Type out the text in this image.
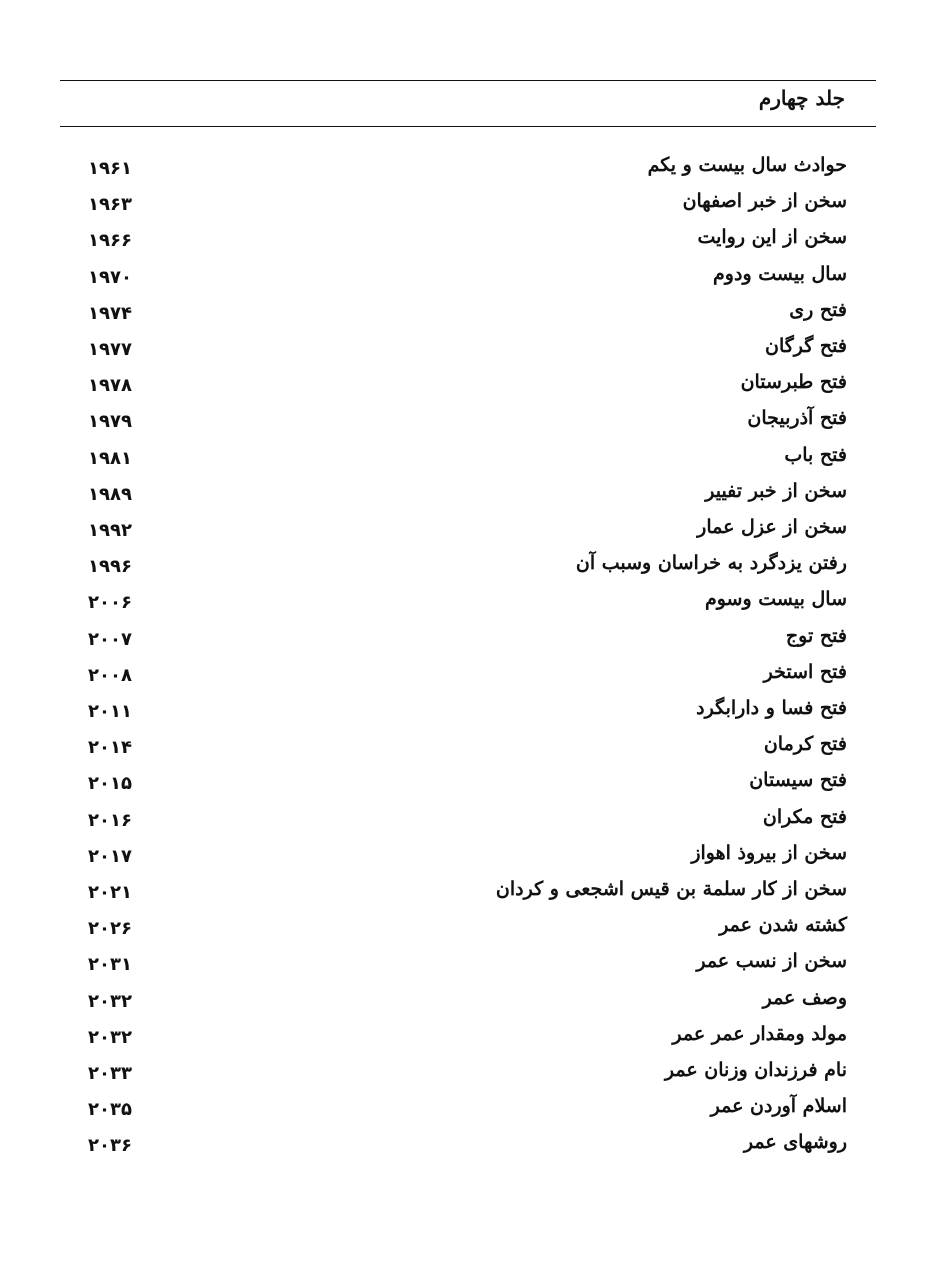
جلد چهارم
حوادث سال بیست و یکم
۱۹۶۱
سخن از خبر اصفهان
۱۹۶۳
سخن از این روایت
۱۹۶۶
سال بیست ودوم
۱۹۷۰
فتح ری
۱۹۷۴
فتح گرگان
۱۹۷۷
فتح طبرستان
۱۹۷۸
فتح آذربیجان
۱۹۷۹
فتح باب
۱۹۸۱
سخن از خبر تفییر
۱۹۸۹
سخن از عزل عمار
۱۹۹۲
رفتن یزدگرد به خراسان وسبب آن
۱۹۹۶
سال بیست وسوم
۲۰۰۶
فتح توج
۲۰۰۷
فتح استخر
۲۰۰۸
فتح فسا و دارابگرد
۲۰۱۱
فتح کرمان
۲۰۱۴
فتح سیستان
۲۰۱۵
فتح مکران
۲۰۱۶
سخن از بیروذ اهواز
۲۰۱۷
سخن از کار سلمة بن قیس اشجعی و کردان
۲۰۲۱
کشته شدن عمر
۲۰۲۶
سخن از نسب عمر
۲۰۳۱
وصف عمر
۲۰۳۲
مولد ومقدار عمر عمر
۲۰۳۲
نام فرزندان وزنان عمر
۲۰۳۳
اسلام آوردن عمر
۲۰۳۵
روشهای عمر
۲۰۳۶
